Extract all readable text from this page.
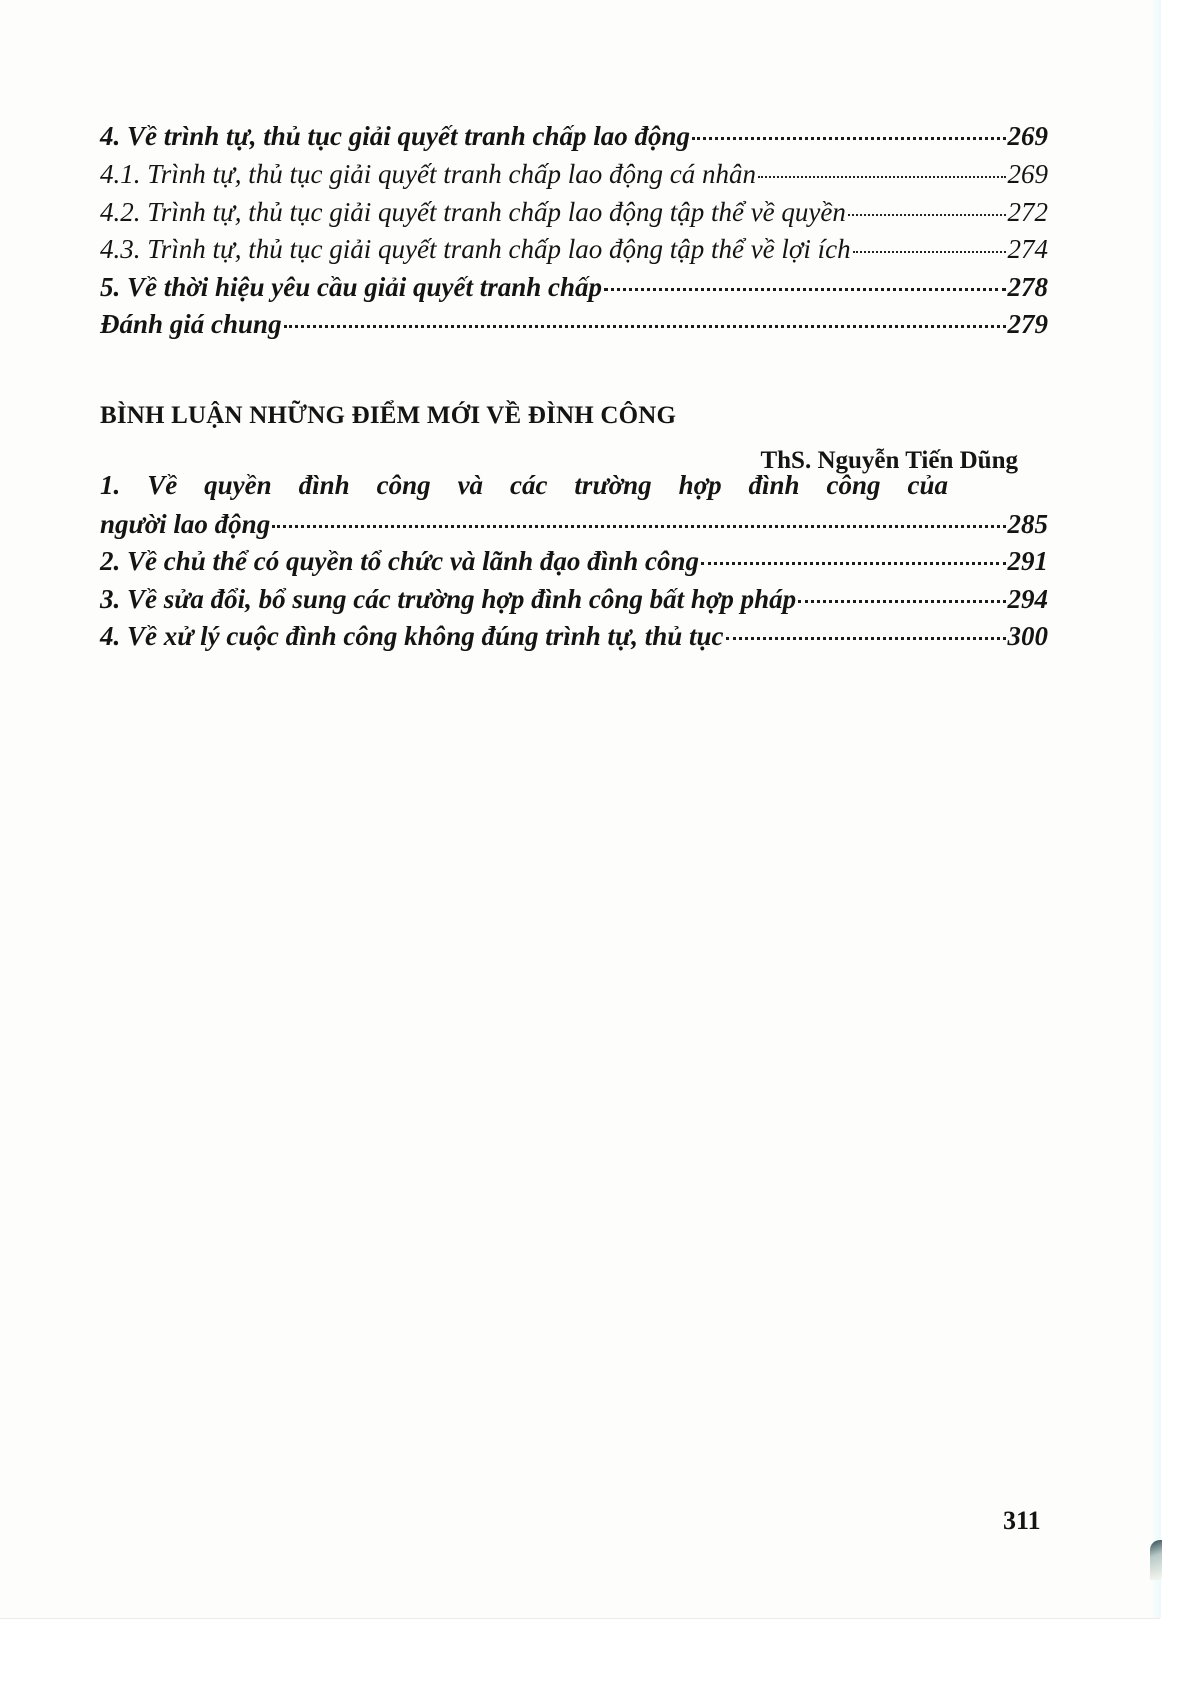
4. Về trình tự, thủ tục giải quyết tranh chấp lao động	269
4.1. Trình tự, thủ tục giải quyết tranh chấp lao động cá nhân	269
4.2. Trình tự, thủ tục giải quyết tranh chấp lao động tập thể về quyền	272
4.3. Trình tự, thủ tục giải quyết tranh chấp lao động tập thể về lợi ích	274
5. Về thời hiệu yêu cầu giải quyết tranh chấp	278
Đánh giá chung	279
BÌNH LUẬN NHỮNG ĐIỂM MỚI VỀ ĐÌNH CÔNG
ThS. Nguyễn Tiến Dũng
1. Về quyền đình công và các trường hợp đình công của
người lao động	285
2. Về chủ thể có quyền tổ chức và lãnh đạo đình công	291
3. Về sửa đổi, bổ sung các trường hợp đình công bất hợp pháp	294
4. Về xử lý cuộc đình công không đúng trình tự, thủ tục	300
311
